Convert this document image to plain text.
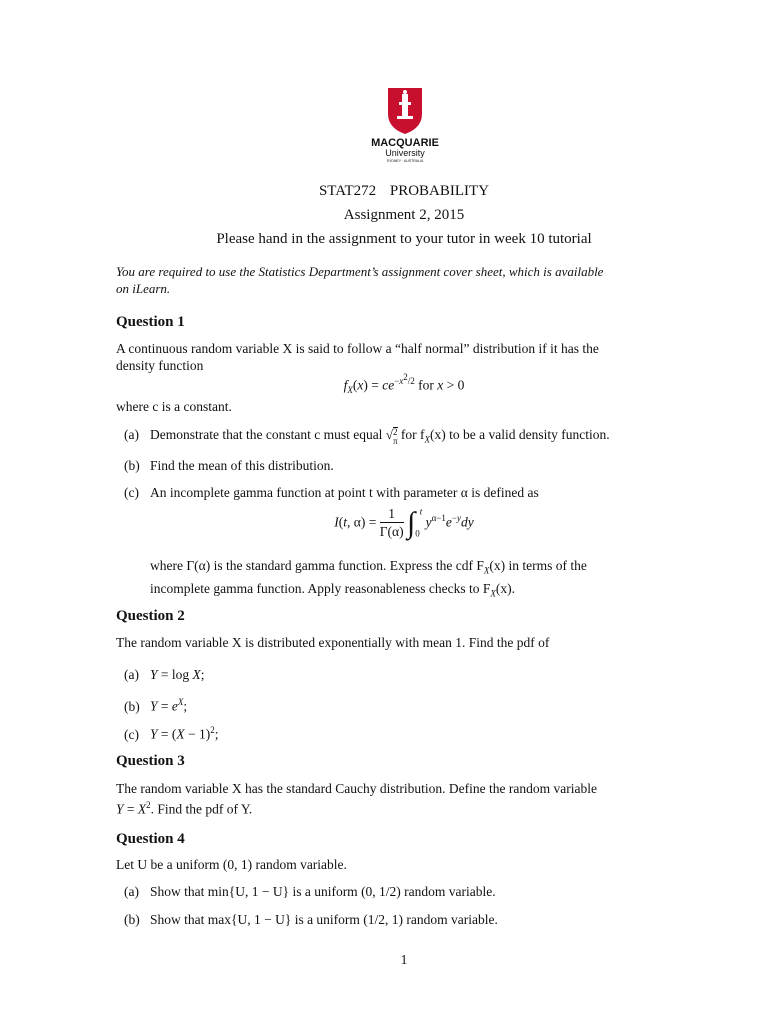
MACQUARIE
University
SYDNEY · AUSTRALIA
STAT272 PROBABILITY
Assignment 2, 2015
Please hand in the assignment to your tutor in week 10 tutorial
You are required to use the Statistics Department’s assignment cover sheet, which is available
on iLearn.
Question 1
A continuous random variable X is said to follow a “half normal” distribution if it has the
density function
$f_X(x) = ce^{-x^2/2}$ for x > 0
where c is a constant.
(a) Demonstrate that the constant c must equal √2
π for $f_X(x)$ to be a valid density function.
(b) Find the mean of this distribution.
(c) An incomplete gamma function at point t with parameter α is defined as
I(t, $\alpha) = \frac{1}{\Gamma(\alpha)} \int_0^t$ $y^{\alpha-1}e^{-y}dy$
where Γ(α) is the standard gamma function. Express the cdf $F_X(x)$ in terms of the
incomplete gamma function. Apply reasonableness checks to $F_X(x)$.
Question 2
The random variable X is distributed exponentially with mean 1. Find the pdf of
(a) Y = log X;
(b) $Y = e^X$;
(c) $Y = (X - 1)^2$;
Question 3
The random variable X has the standard Cauchy distribution. Define the random variable
$Y = X^2$. Find the pdf of Y.
Question 4
Let U be a uniform (0, 1) random variable.
(a) Show that min{U, 1 − U} is a uniform (0, 1/2) random variable.
(b) Show that max{U, 1 − U} is a uniform (1/2, 1) random variable.
1
